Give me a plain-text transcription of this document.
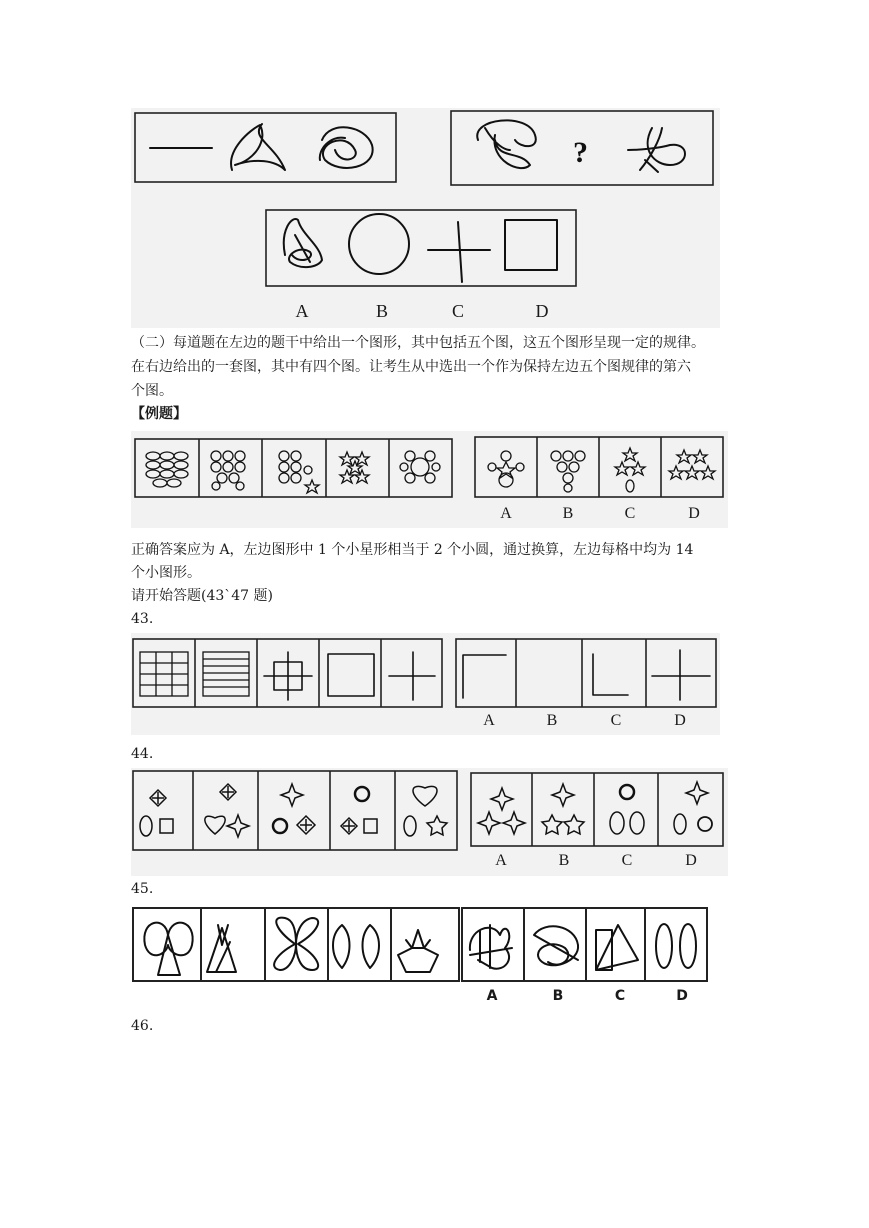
?
A	B	C	D
（二）每道题在左边的题干中给出一个图形，其中包括五个图，这五个图形呈现一定的规律。
在右边给出的一套图，其中有四个图。让考生从中选出一个作为保持左边五个图规律的第六
个图。
【例题】
A	B	C	D
正确答案应为 A，左边图形中 1 个小星形相当于 2 个小圆，通过换算，左边每格中均为 14
个小图形。
请开始答题(43`47 题)
43.
A	B	C	D
44.
A	B	C	D
45.
A	B	C	D
46.
